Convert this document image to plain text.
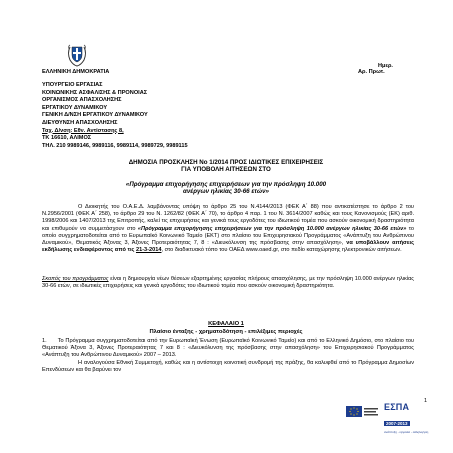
Ημερ.
ΕΛΛΗΝΙΚΗ ΔΗΜΟΚΡΑΤΙΑ	Αρ. Πρωτ.
ΥΠΟΥΡΓΕΙΟ ΕΡΓΑΣΙΑΣ
ΚΟΙΝΩΝΙΚΗΣ ΑΣΦΑΛΙΣΗΣ & ΠΡΟΝΟΙΑΣ
ΟΡΓΑΝΙΣΜΟΣ ΑΠΑΣΧΟΛΗΣΗΣ
ΕΡΓΑΤΙΚΟΥ ΔΥΝΑΜΙΚΟΥ
ΓΕΝΙΚΗ Δ/ΝΣΗ ΕΡΓΑΤΙΚΟΥ ΔΥΝΑΜΙΚΟΥ
ΔΙΕΥΘΥΝΣΗ ΑΠΑΣΧΟΛΗΣΗΣ
Ταχ. Δ/νση: Εθν. Αντίστασης 8,
ΤΚ 16610, ΑΛΙΜΟΣ
ΤΗΛ. 210 9989146, 9989116, 9989114, 9989729, 9989115
ΔΗΜΟΣΙΑ ΠΡΟΣΚΛΗΣΗ Νο 1/2014 ΠΡΟΣ ΙΔΙΩΤΙΚΕΣ ΕΠΙΧΕΙΡΗΣΕΙΣ
ΓΙΑ ΥΠΟΒΟΛΗ ΑΙΤΗΣΕΩΝ ΣΤΟ
«Πρόγραμμα επιχορήγησης επιχειρήσεων για την πρόσληψη 10.000
ανέργων ηλικίας 30-66 ετών»

Ο Διοικητής του Ο.Α.Ε.Δ. λαμβάνοντας υπόψη το άρθρο 25 του Ν.4144/2013 (ΦΕΚ Α΄ 88) που αντικατέστησε το άρθρο 2 του Ν.2956/2001 (ΦΕΚ Α΄ 258), το άρθρο 29 του Ν. 1262/82 (ΦΕΚ Α΄ 70), το άρθρο 4 παρ. 1 του Ν. 3614/2007 καθώς και τους Κανονισμούς (ΕΚ) αριθ. 1998/2006 και 1407/2013 της Επιτροπής, καλεί τις επιχειρήσεις και γενικά τους εργοδότες του ιδιωτικού τομέα που ασκούν οικονομική δραστηριότητα και επιθυμούν να συμμετάσχουν στο «Πρόγραμμα επιχορήγησης επιχειρήσεων για την πρόσληψη 10.000 ανέργων ηλικίας 30-66 ετών» το οποίο συγχρηματοδοτείται από το Ευρωπαϊκό Κοινωνικό Ταμείο (ΕΚΤ) στο πλαίσιο του Επιχειρησιακού Προγράμματος «Ανάπτυξη του Ανθρώπινου Δυναμικού», Θεματικός Άξονας 3, Άξονες Προτεραιότητας 7, 8 : «Διευκόλυνση της πρόσβασης στην απασχόληση», να υποβάλλουν αιτήσεις εκδήλωσης ενδιαφέροντος από τις 21-3-2014, στο διαδικτυακό τόπο του ΟΑΕΔ www.oaed.gr, στο πεδίο καταχώρησης ηλεκτρονικών αιτήσεων.

Σκοπός του προγράμματος είναι η δημιουργία νέων θέσεων εξαρτημένης εργασίας πλήρους απασχόλησης, με την πρόσληψη 10.000 ανέργων ηλικίας 30-66 ετών, σε ιδιωτικές επιχειρήσεις και γενικά εργοδότες του ιδιωτικού τομέα που ασκούν οικονομική δραστηριότητα.

ΚΕΦΑΛΑΙΟ 1
Πλαίσιο ένταξης - χρηματοδότηση - επιλέξιμες περιοχές

1. Το Πρόγραμμα συγχρηματοδοτείται από την Ευρωπαϊκή Ένωση (Ευρωπαϊκό Κοινωνικό Ταμείο) και από το Ελληνικό Δημόσιο, στο πλαίσιο του Θεματικού Άξονα 3, Άξονες Προτεραιότητας 7 και 8 : «Διευκόλυνση της πρόσβασης στην απασχόληση» του Επιχειρησιακού Προγράμματος «Ανάπτυξη του Ανθρώπινου Δυναμικού» 2007 – 2013.

Η αναλογούσα Εθνική Συμμετοχή, καθώς και η αντίστοιχη κοινοτική συνδρομή της πράξης, θα καλυφθεί από το Πρόγραμμα Δημοσίων Επενδύσεων και θα βαρύνει τον

1
ΕΣΠΑ
2007-2013
ανάπτυξη - εργασία - αλληλεγγύη
